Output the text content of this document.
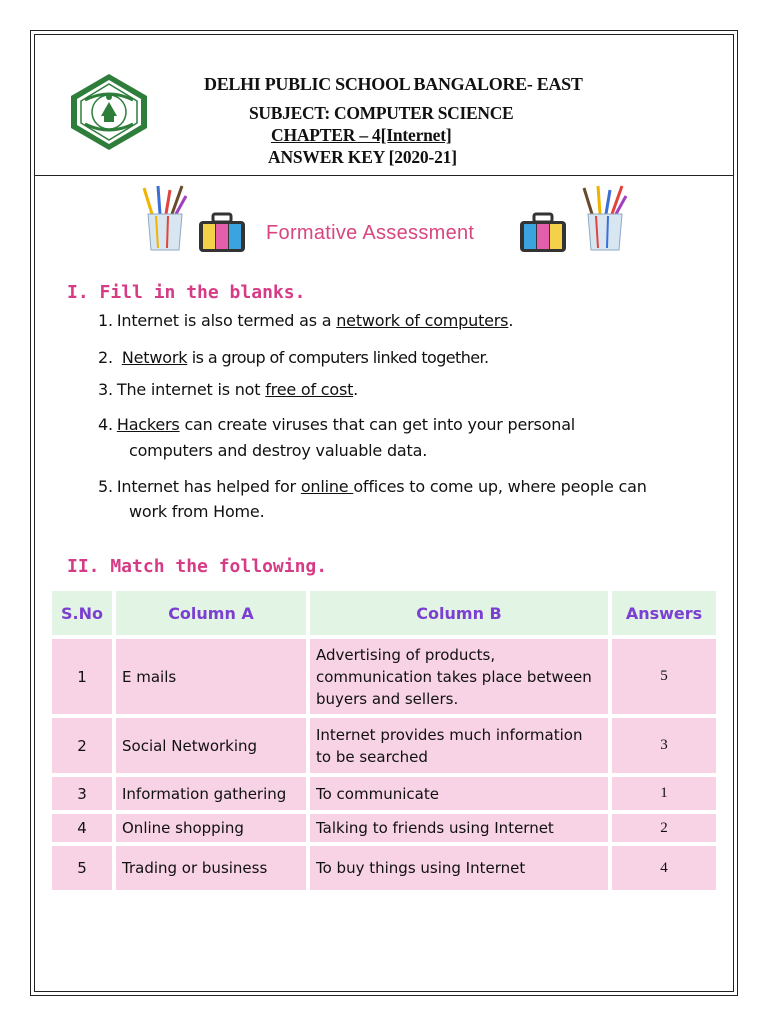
DELHI PUBLIC SCHOOL BANGALORE- EAST
SUBJECT: COMPUTER SCIENCE
CHAPTER – 4[Internet]
ANSWER KEY [2020-21]
Formative Assessment
I. Fill in the blanks.
1. Internet is also termed as a network of computers.
2. Network is a group of computers linked together.
3. The internet is not free of cost.
4. Hackers can create viruses that can get into your personal
computers and destroy valuable data.
5. Internet has helped for online offices to come up, where people can
work from Home.
II. Match the following.
S.No	Column A	Column B	Answers
1	E mails	Advertising of products,
communication takes place between
buyers and sellers.	5
2	Social Networking	Internet provides much information
to be searched	3
3	Information gathering	To communicate	1
4	Online shopping	Talking to friends using Internet	2
5	Trading or business	To buy things using Internet	4
